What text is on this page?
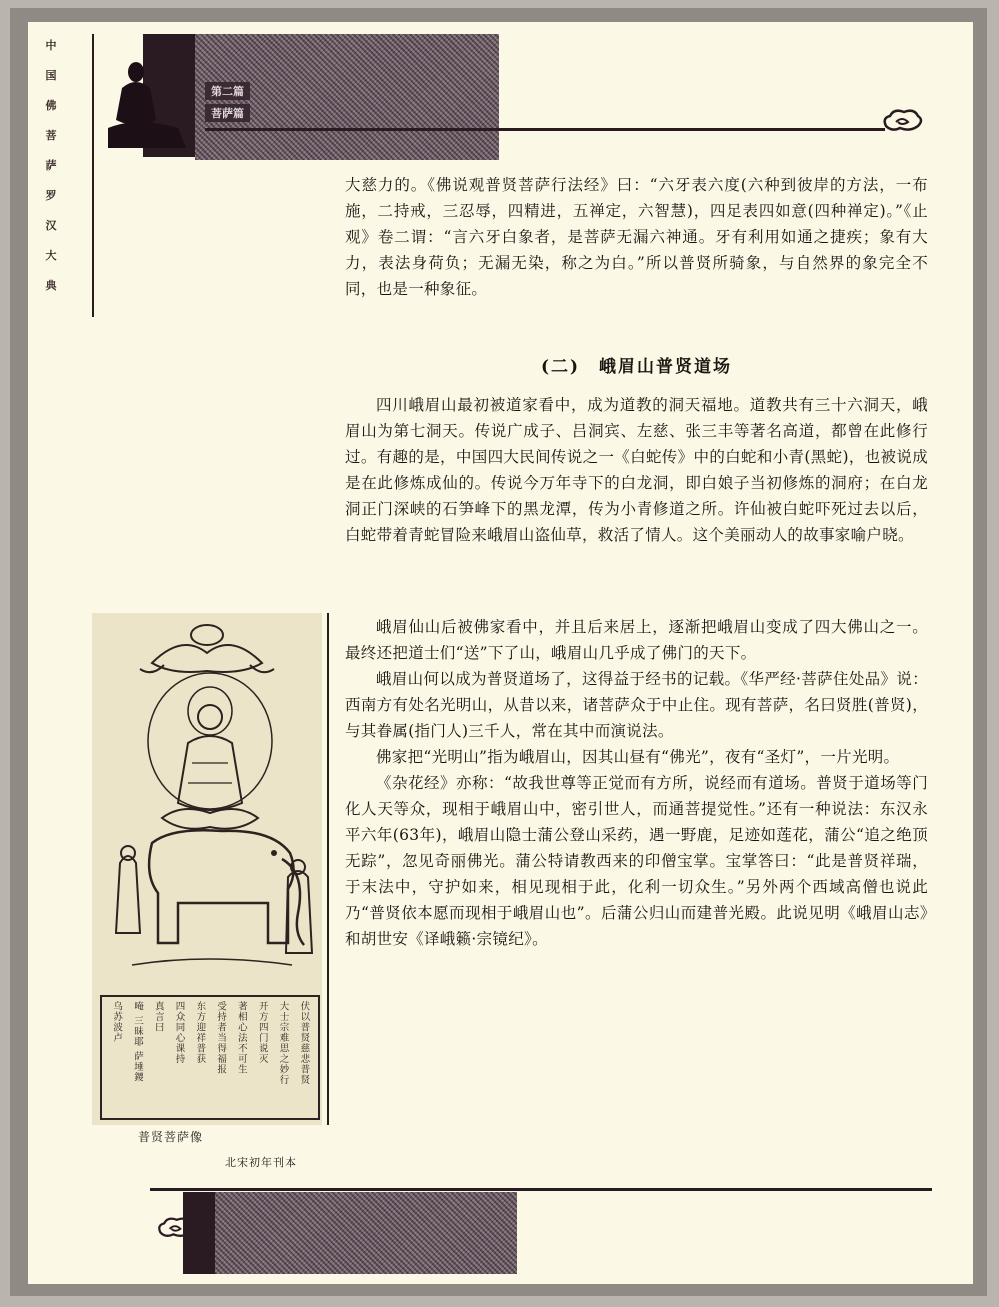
中
国
佛
菩
萨
罗
汉
大
典
第二篇
菩萨篇

大慈力的。《佛说观普贤菩萨行法经》曰：“六牙表六度(六种到彼岸的方法，一布施，二持戒，三忍辱，四精进，五禅定，六智慧)，四足表四如意(四种禅定)。”《止观》卷二谓：“言六牙白象者，是菩萨无漏六神通。牙有利用如通之捷疾；象有大力，表法身荷负；无漏无染，称之为白。”所以普贤所骑象，与自然界的象完全不同，也是一种象征。

(二)　峨眉山普贤道场

四川峨眉山最初被道家看中，成为道教的洞天福地。道教共有三十六洞天，峨眉山为第七洞天。传说广成子、吕洞宾、左慈、张三丰等著名高道，都曾在此修行过。有趣的是，中国四大民间传说之一《白蛇传》中的白蛇和小青(黑蛇)，也被说成是在此修炼成仙的。传说今万年寺下的白龙洞，即白娘子当初修炼的洞府；在白龙洞正门深峡的石笋峰下的黑龙潭，传为小青修道之所。许仙被白蛇吓死过去以后，白蛇带着青蛇冒险来峨眉山盗仙草，救活了情人。这个美丽动人的故事家喻户晓。

峨眉仙山后被佛家看中，并且后来居上，逐渐把峨眉山变成了四大佛山之一。最终还把道士们“送”下了山，峨眉山几乎成了佛门的天下。

峨眉山何以成为普贤道场了，这得益于经书的记载。《华严经·菩萨住处品》说：西南方有处名光明山，从昔以来，诸菩萨众于中止住。现有菩萨，名曰贤胜(普贤)，与其眷属(指门人)三千人，常在其中而演说法。

佛家把“光明山”指为峨眉山，因其山昼有“佛光”，夜有“圣灯”，一片光明。

《杂花经》亦称：“故我世尊等正觉而有方所，说经而有道场。普贤于道场等门化人天等众，现相于峨眉山中，密引世人，而通菩提觉性。”还有一种说法：东汉永平六年(63年)，峨眉山隐士蒲公登山采药，遇一野鹿，足迹如莲花，蒲公“追之绝顶无踪”，忽见奇丽佛光。蒲公特请教西来的印僧宝掌。宝掌答曰：“此是普贤祥瑞，于末法中，守护如来，相见现相于此，化利一切众生。”另外两个西域高僧也说此乃“普贤依本愿而现相于峨眉山也”。后蒲公归山而建普光殿。此说见明《峨眉山志》和胡世安《译峨籁·宗镜纪》。

伏以普贤慈悲普贤
大士宗难思之妙行
开方四门说灭
著相心法不可生
受持者当得福报
东方迎祥普获
四众同心课持
真言曰
唵 三昧耶 萨埵鑁
乌苏波卢
普贤菩萨像
北宋初年刊本
